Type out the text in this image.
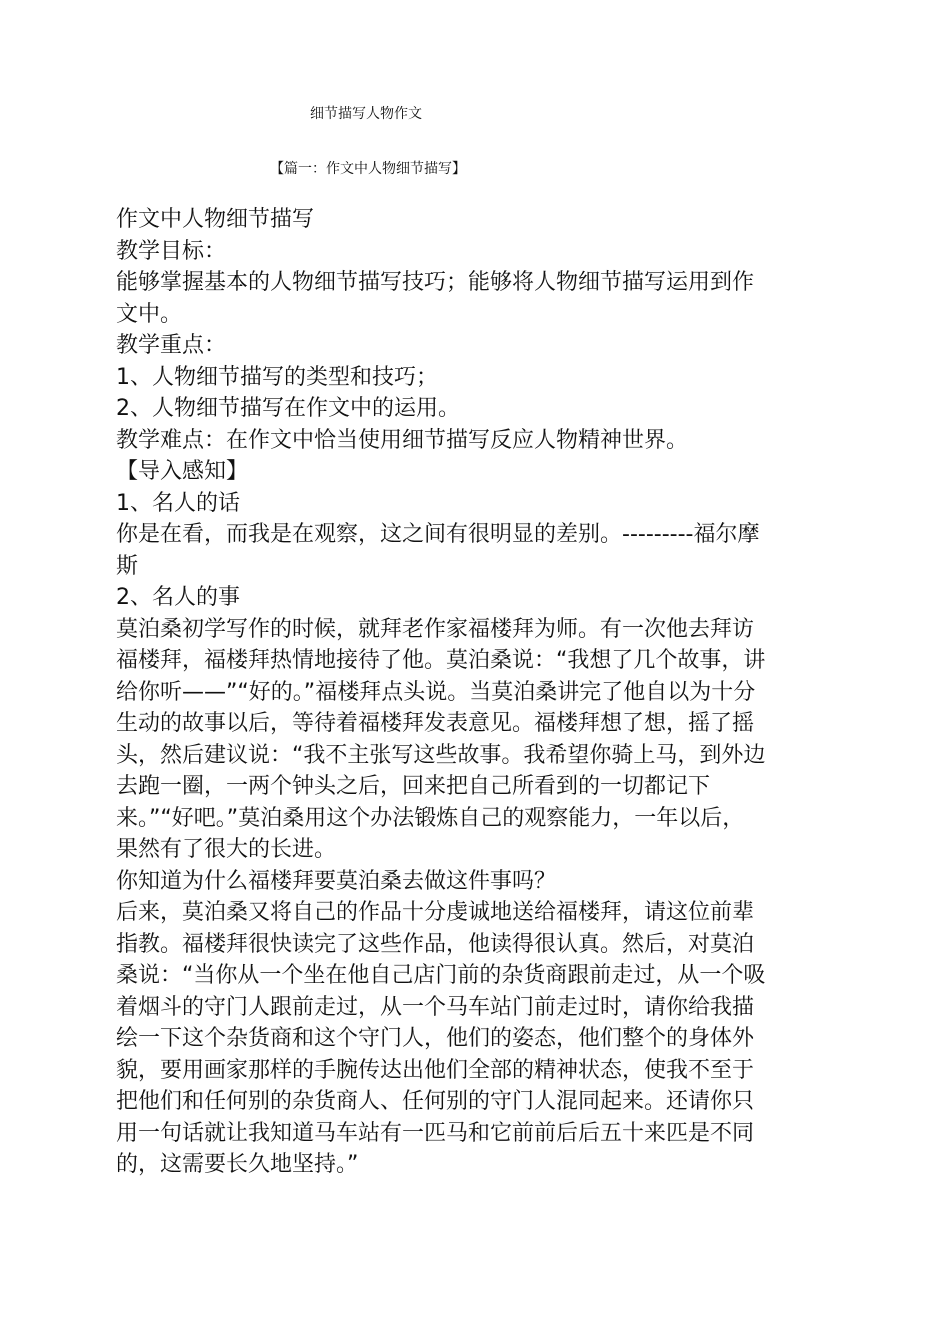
细节描写人物作文
【篇一：作文中人物细节描写】
作文中人物细节描写
教学目标：
能够掌握基本的人物细节描写技巧；能够将人物细节描写运用到作
文中。
教学重点：
1、人物细节描写的类型和技巧；
2、人物细节描写在作文中的运用。
教学难点：在作文中恰当使用细节描写反应人物精神世界。
【导入感知】
1、名人的话
你是在看，而我是在观察，这之间有很明显的差别。---------福尔摩
斯
2、名人的事
莫泊桑初学写作的时候，就拜老作家福楼拜为师。有一次他去拜访
福楼拜，福楼拜热情地接待了他。莫泊桑说：“我想了几个故事，讲
给你听——”“好的。”福楼拜点头说。当莫泊桑讲完了他自以为十分
生动的故事以后，等待着福楼拜发表意见。福楼拜想了想，摇了摇
头，然后建议说：“我不主张写这些故事。我希望你骑上马，到外边
去跑一圈，一两个钟头之后，回来把自己所看到的一切都记下
来。”“好吧。”莫泊桑用这个办法锻炼自己的观察能力，一年以后，
果然有了很大的长进。
你知道为什么福楼拜要莫泊桑去做这件事吗？
后来，莫泊桑又将自己的作品十分虔诚地送给福楼拜，请这位前辈
指教。福楼拜很快读完了这些作品，他读得很认真。然后，对莫泊
桑说：“当你从一个坐在他自己店门前的杂货商跟前走过，从一个吸
着烟斗的守门人跟前走过，从一个马车站门前走过时，请你给我描
绘一下这个杂货商和这个守门人，他们的姿态，他们整个的身体外
貌，要用画家那样的手腕传达出他们全部的精神状态，使我不至于
把他们和任何别的杂货商人、任何别的守门人混同起来。还请你只
用一句话就让我知道马车站有一匹马和它前前后后五十来匹是不同
的，这需要长久地坚持。”
